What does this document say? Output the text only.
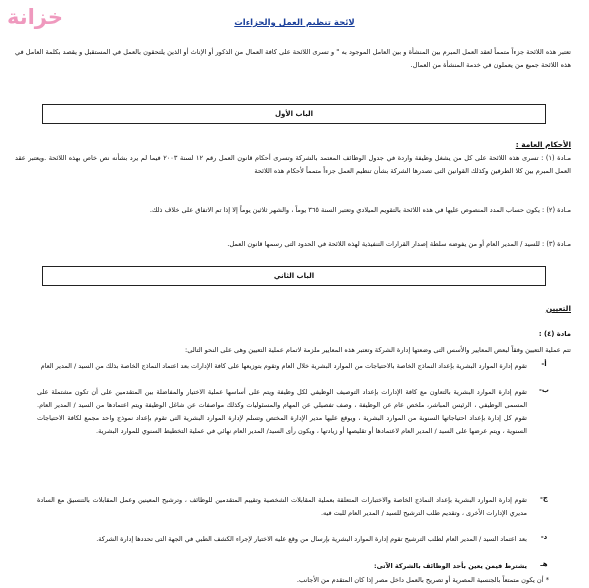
خزانة	لائحة تنظيم العمل والجزاءات
تعتبر هذه اللائحة جزءاً متمماً لعقد العمل المبرم بين المنشأة و بين العامل الموجود به " و تسرى اللائحة على كافة العمال من الذكور أو الإناث أو الذين يلتحقون بالعمل في المستقبل و يقصد بكلمة العامل في هذه اللائحة جميع من يعملون في خدمة المنشأة من العمال.
الباب الأول
الأحكام العامة :
مـادة (١) : تسرى هذه اللائحة على كل من يشغل وظيفة واردة في جدول الوظائف المعتمد بالشركة وتسرى أحكام قانون العمل رقم ١٢ لسنة ٢٠٠٣ فيما لم يرد بشأنه نص خاص بهذه اللائحة .ويعتبر عقد العمل المبرم بين كلا الطرفين وكذلك القوانين التى تصدرها الشركة بشأن تنظيم العمل جزءاً متمماً لأحكام هذه اللائحة
مـادة (٢) : يكون حساب المدد المنصوص عليها في هذه اللائحة بالتقويم الميلادي وتعتبر السنة ٣٦٥ يوماً ، والشهر ثلاثين يوماً إلا إذا تم الاتفاق على خلاف ذلك.
مـادة (٣) : للسيد / المدير العام أو من يفوضه سلطة إصدار القرارات التنفيذية لهذه اللائحة في الحدود التى رسمها قانون العمل.
الباب الثاني
التعيين
مادة (٤) :
تتم عملية التعيين وفقاً لبعض المعايير والأسس التى وضعتها إدارة الشركة وتعتبر هذه المعايير ملزمة لاتمام عملية التعيين وهى على النحو التالى:
أ-
تقوم إدارة الموارد البشرية بإعداد النماذج الخاصة بالاحتياجات من الموارد البشرية خلال العام وتقوم بتوزيعها على كافة الإدارات بعد اعتماد النماذج الخاصة بذلك من السيد / المدير العام
ب-
تقوم إدارة الموارد البشرية بالتعاون مع كافة الإدارات بإعداد التوصيف الوظيفي لكل وظيفة ويتم على أساسها عملية الاختيار والمفاضلة بين المتقدمين على أن تكون مشتملة على المسمى الوظيفي ، الرئيس المباشر، ملخص عام عن الوظيفة ، وصف تفصيلي عن المهام والمسئوليات وكذلك مواصفات عن شاغل الوظيفة ويتم اعتمادها من السيد / المدير العام. تقوم كل إدارة بإعداد احتياجاتها السنوية من الموارد البشرية ، ويوقع عليها مدير الإدارة المختص وتسلم لإدارة الموارد البشرية التى تقوم بإعداد نموذج واحد مجمع لكافة الاحتياجات السنوية ، ويتم عرضها على السيد / المدير العام لاعتمادها أو تقليصها أو زيادتها ، ويكون رأى السيد/ المدير العام نهائي في عملية التخطيط السنوي للموارد البشرية.
ج-
تقوم إدارة الموارد البشرية بإعداد النماذج الخاصة والاختبارات المتعلقة بعملية المقابلات الشخصية وتقييم المتقدمين للوظائف ، وترشيح المعينين وعمل المقابلات بالتنسيق مع السادة مديري الإدارات الأخرى ، وتقديم طلب الترشيح للسيد / المدير العام للبت فيه.
د-
بعد اعتماد السيد / المدير العام لطلب الترشيح تقوم إدارة الموارد البشرية بإرسال من وقع عليه الاختيار لإجراء الكشف الطبي في الجهة التى تحددها إدارة الشركة.
هـ
يشترط فيمن يعين بأحد الوظائف بالشركة الآتى:
* أن يكون متمتعاً بالجنسية المصرية أو تصريح بالعمل داخل مصر إذا كان المتقدم من الأجانب.
